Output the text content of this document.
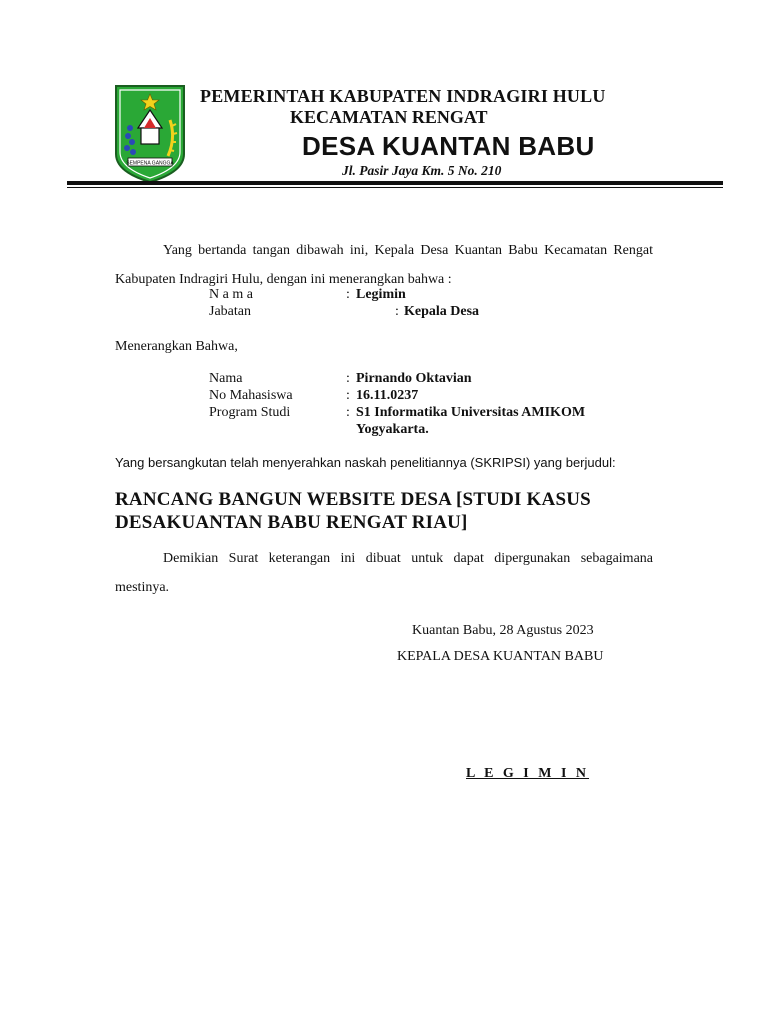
SEMPENA GANGGA
PEMERINTAH KABUPATEN INDRAGIRI HULU
KECAMATAN RENGAT
DESA KUANTAN BABU
Jl. Pasir Jaya Km. 5 No. 210
Yang bertanda tangan dibawah ini, Kepala Desa Kuantan Babu Kecamatan Rengat Kabupaten Indragiri Hulu, dengan ini menerangkan bahwa :
N a m a	: Legimin
Jabatan	: Kepala Desa
Menerangkan Bahwa,
Nama	: Pirnando Oktavian
No Mahasiswa	: 16.11.0237
Program Studi	: S1 Informatika Universitas AMIKOM
Yogyakarta.
Yang bersangkutan telah menyerahkan naskah penelitiannya (SKRIPSI) yang berjudul:
RANCANG BANGUN WEBSITE DESA [STUDI KASUS
DESAKUANTAN BABU RENGAT RIAU]
Demikian Surat keterangan ini dibuat untuk dapat dipergunakan sebagaimana mestinya.
Kuantan Babu, 28 Agustus 2023
KEPALA DESA KUANTAN BABU
L E G I M I N
